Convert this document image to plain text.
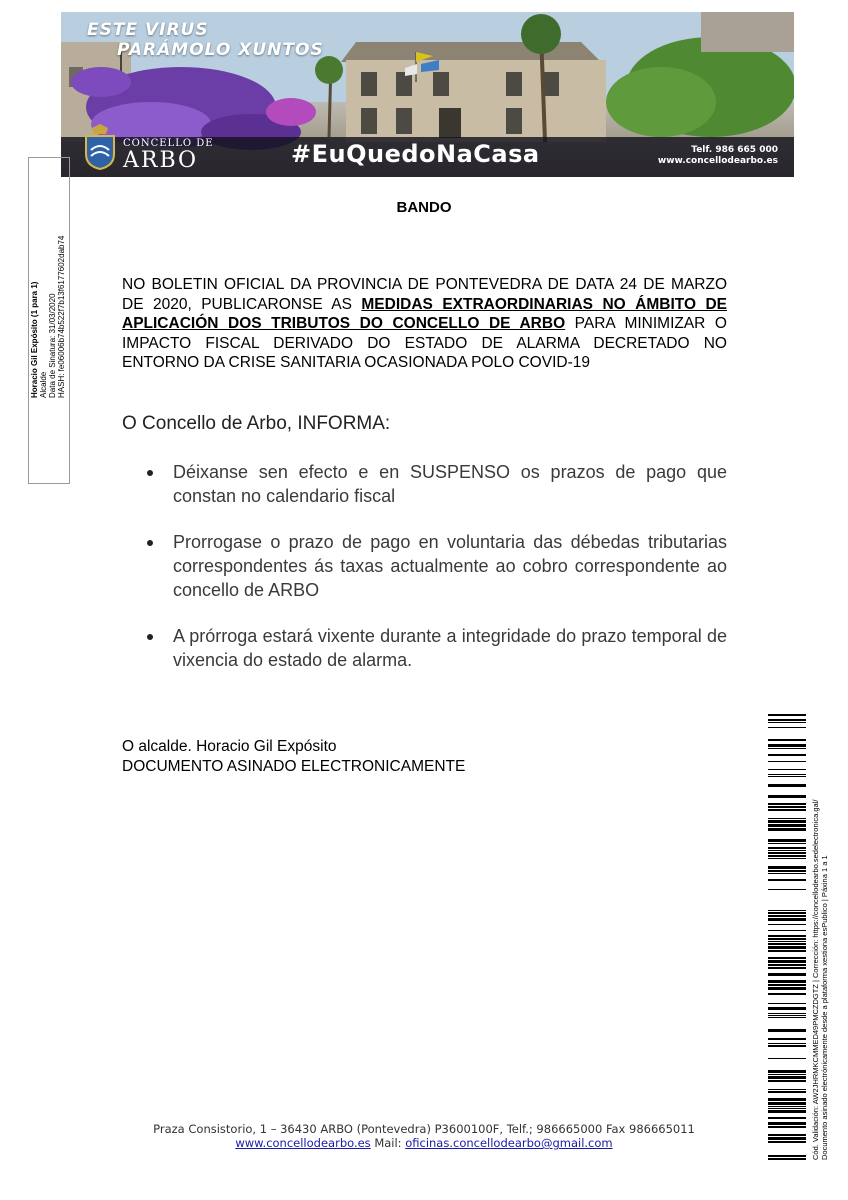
ESTE VIRUS
PARÁMOLO XUNTOS
CONCELLO DE
ARBO	#EuQuedoNaCasa	Telf. 986 665 000
www.concellodearbo.es
Horacio Gil Expósito (1 para 1) Alcalde Data de Sinatura: 31/03/2020 HASH: fe06006b74b522f7b13f6177602dab74
BANDO
NO BOLETIN OFICIAL DA PROVINCIA DE PONTEVEDRA DE DATA 24 DE MARZO DE 2020, PUBLICARONSE AS MEDIDAS EXTRAORDINARIAS NO ÁMBITO DE APLICACIÓN DOS TRIBUTOS DO CONCELLO DE ARBO PARA MINIMIZAR O IMPACTO FISCAL DERIVADO DO ESTADO DE ALARMA DECRETADO NO ENTORNO DA CRISE SANITARIA OCASIONADA POLO COVID-19
O Concello de Arbo, INFORMA:
Déixanse sen efecto e en SUSPENSO os prazos de pago que constan no calendario fiscal
Prorrogase o prazo de pago en voluntaria das débedas tributarias correspondentes ás taxas actualmente ao cobro correspondente ao concello de ARBO
A prórroga estará vixente durante a integridade do prazo temporal de vixencia do estado de alarma.
O alcalde. Horacio Gil Expósito
DOCUMENTO ASINADO ELECTRONICAMENTE
Praza Consistorio, 1 – 36430 ARBO (Pontevedra) P3600100F, Telf.; 986665000 Fax 986665011
www.concellodearbo.es Mail: oficinas.concellodearbo@gmail.com	Cód. Validación: AW2JHRMKCMMED49PMCZDGTZ | Corrección: https://concellodearbo.sedelectronica.gal/ Documento asinado electrónicamente desde a plataforma xestiona esPublico | Páxina 1 a 1
